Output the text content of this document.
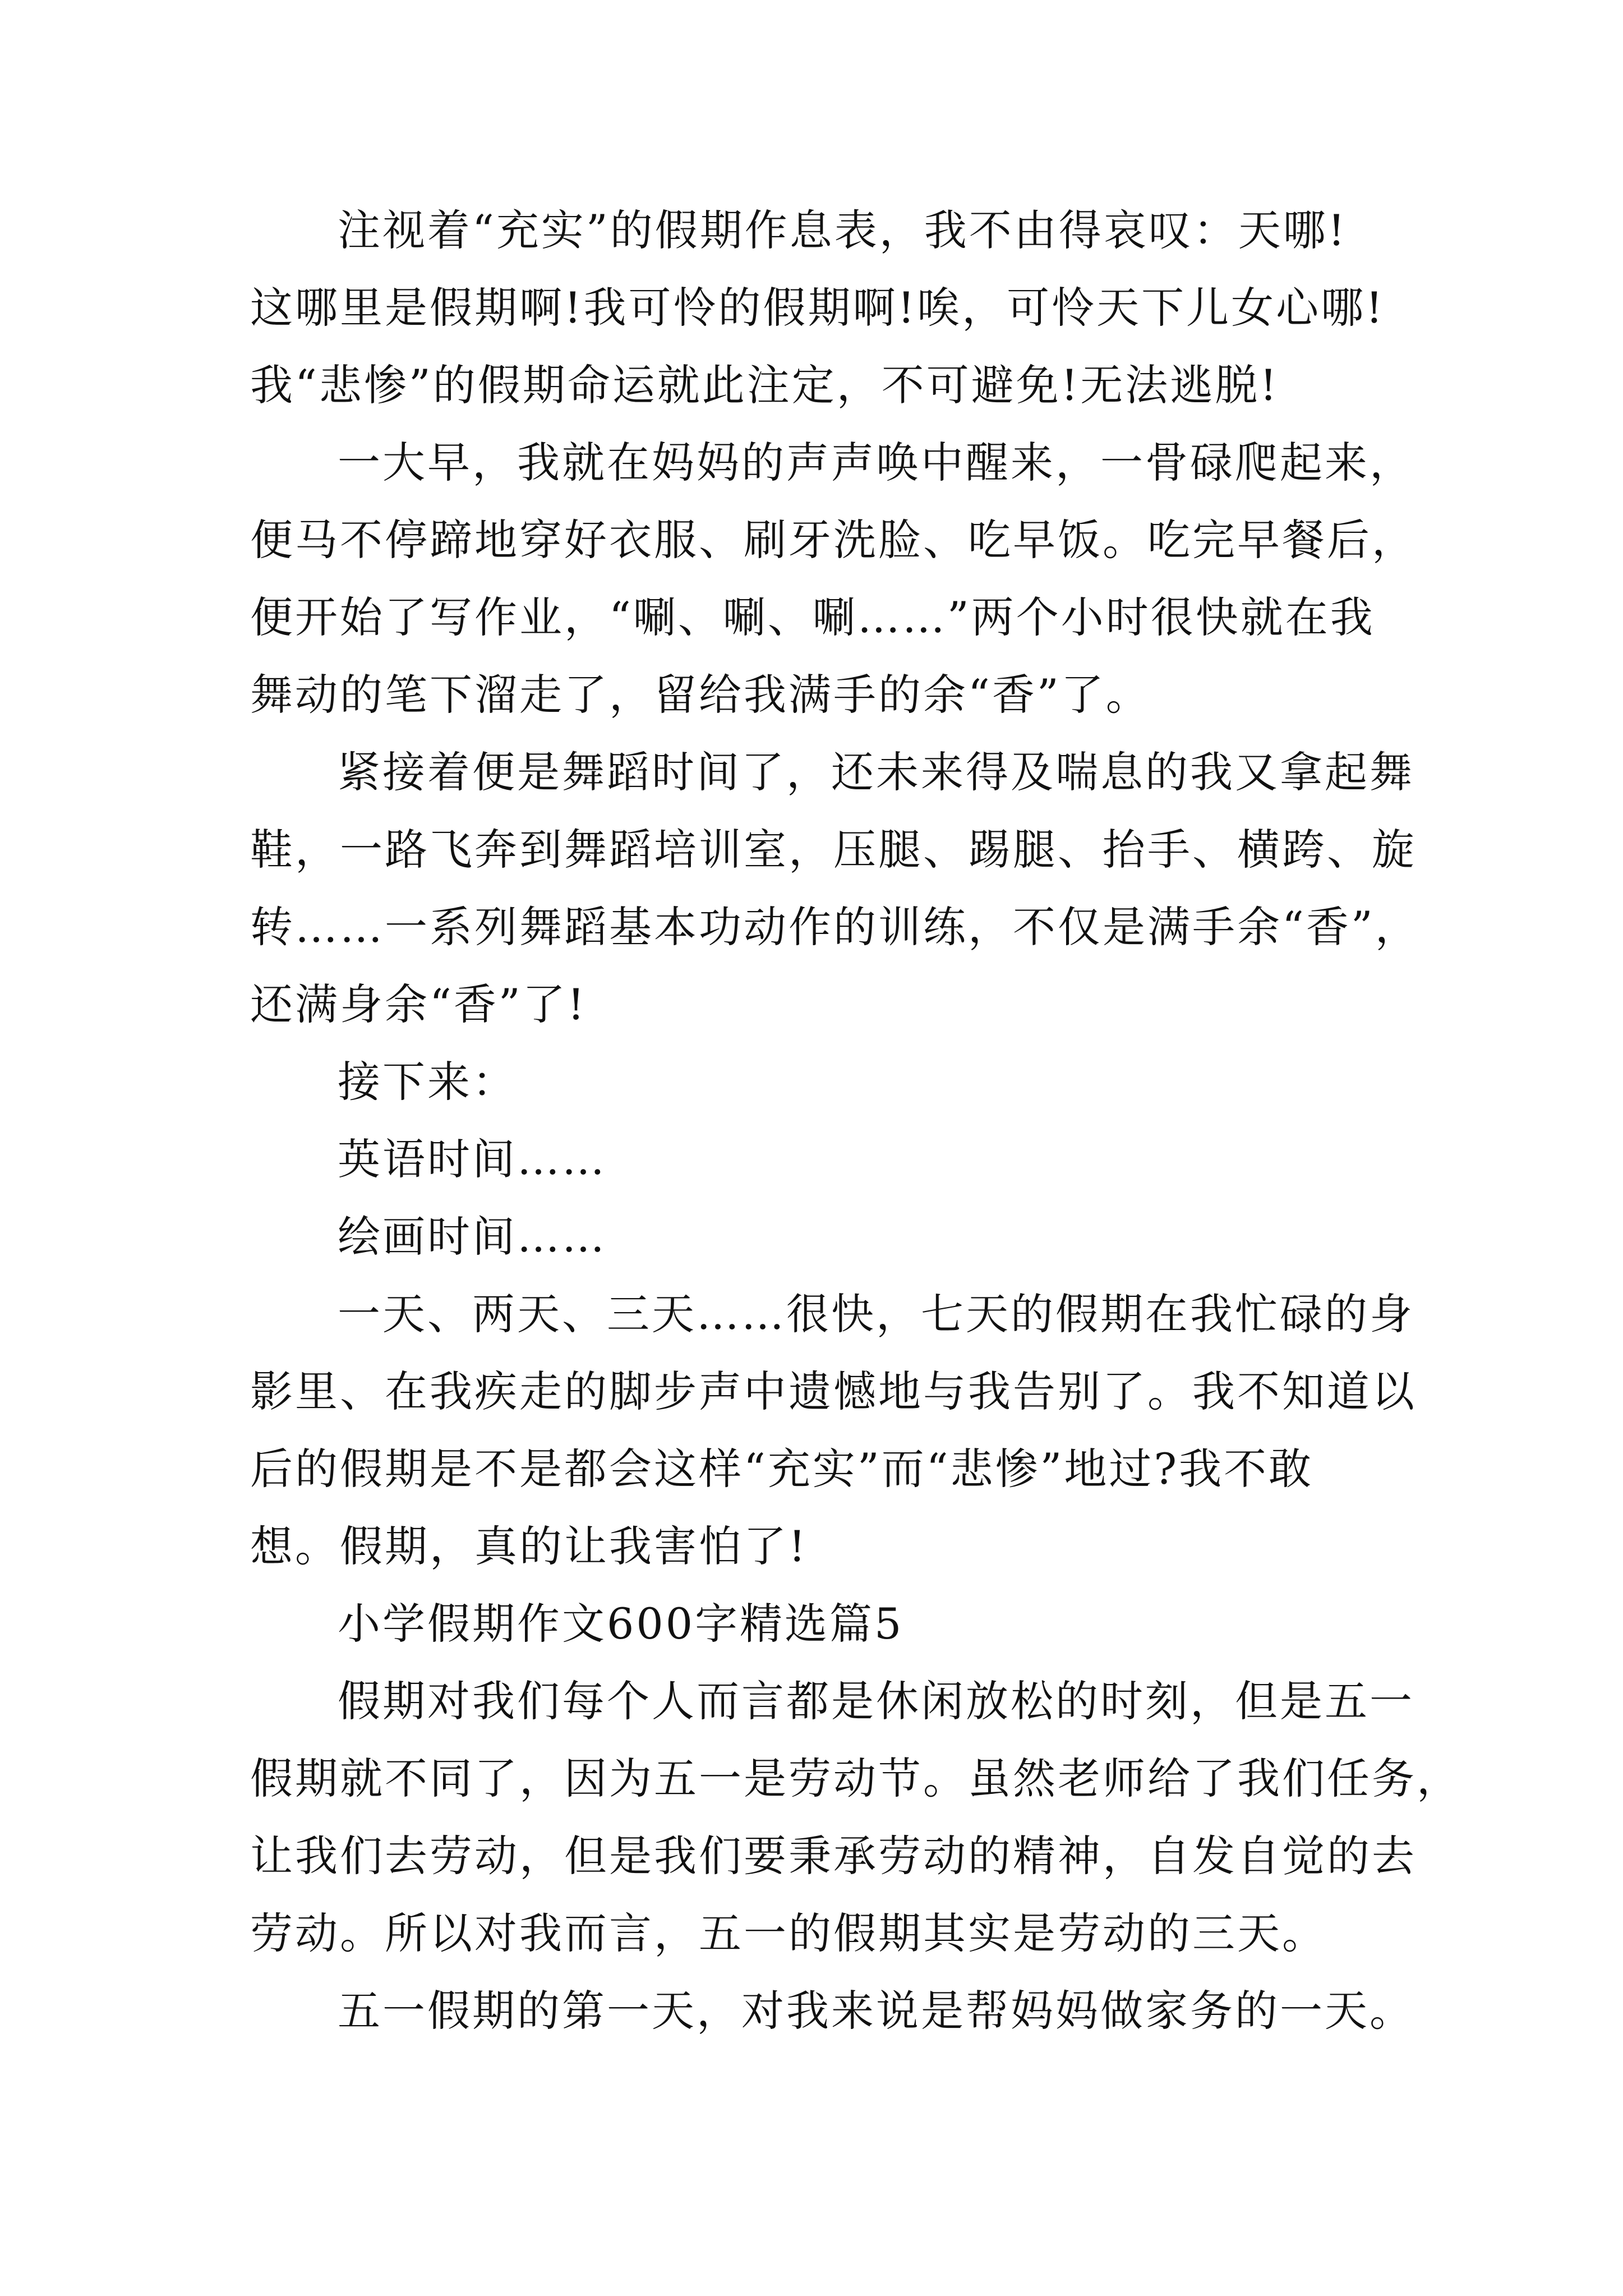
注视着“充实”的假期作息表，我不由得哀叹：天哪!
这哪里是假期啊!我可怜的假期啊!唉，可怜天下儿女心哪!
我“悲惨”的假期命运就此注定，不可避免!无法逃脱!
一大早，我就在妈妈的声声唤中醒来，一骨碌爬起来，
便马不停蹄地穿好衣服、刷牙洗脸、吃早饭。吃完早餐后，
便开始了写作业，“唰、唰、唰……”两个小时很快就在我
舞动的笔下溜走了，留给我满手的余“香”了。
紧接着便是舞蹈时间了，还未来得及喘息的我又拿起舞
鞋，一路飞奔到舞蹈培训室，压腿、踢腿、抬手、横跨、旋
转……一系列舞蹈基本功动作的训练，不仅是满手余“香”，
还满身余“香”了!
接下来：
英语时间……
绘画时间……
一天、两天、三天……很快，七天的假期在我忙碌的身
影里、在我疾走的脚步声中遗憾地与我告别了。我不知道以
后的假期是不是都会这样“充实”而“悲惨”地过?我不敢
想。假期，真的让我害怕了!
小学假期作文600字精选篇5
假期对我们每个人而言都是休闲放松的时刻，但是五一
假期就不同了，因为五一是劳动节。虽然老师给了我们任务，
让我们去劳动，但是我们要秉承劳动的精神，自发自觉的去
劳动。所以对我而言，五一的假期其实是劳动的三天。
五一假期的第一天，对我来说是帮妈妈做家务的一天。
